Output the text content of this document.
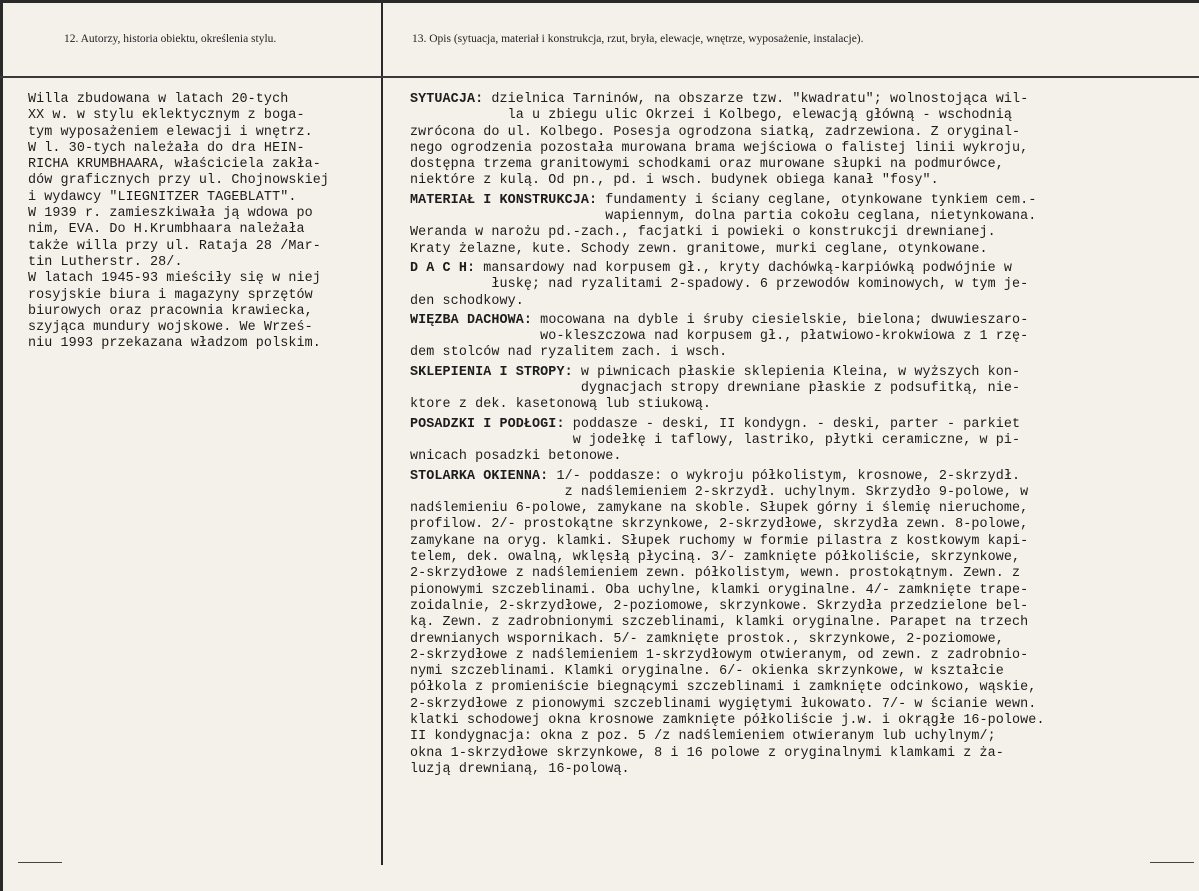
12. Autorzy, historia obiektu, określenia stylu.	13. Opis (sytuacja, materiał i konstrukcja, rzut, bryła, elewacje, wnętrze, wyposażenie, instalacje).
Willa zbudowana w latach 20-tych
XX w. w stylu eklektycznym z boga-
tym wyposażeniem elewacji i wnętrz.
W l. 30-tych należała do dra HEIN-
RICHA KRUMBHAARA, właściciela zakła-
dów graficznych przy ul. Chojnowskiej
i wydawcy "LIEGNITZER TAGEBLATT".
W 1939 r. zamieszkiwała ją wdowa po
nim, EVA. Do H.Krumbhaara należała
także willa przy ul. Rataja 28 /Mar-
tin Lutherstr. 28/.
W latach 1945-93 mieściły się w niej
rosyjskie biura i magazyny sprzętów
biurowych oraz pracownia krawiecka,
szyjąca mundury wojskowe. We Wrześ-
niu 1993 przekazana władzom polskim.
SYTUACJA: dzielnica Tarninów, na obszarze tzw. "kwadratu"; wolnostojąca wil-
la u zbiegu ulic Okrzei i Kolbego, elewacją główną - wschodnią
zwrócona do ul. Kolbego. Posesja ogrodzona siatką, zadrzewiona. Z oryginal-
nego ogrodzenia pozostała murowana brama wejściowa o falistej linii wykroju,
dostępna trzema granitowymi schodkami oraz murowane słupki na podmurówce,
niektóre z kulą. Od pn., pd. i wsch. budynek obiega kanał "fosy".
MATERIAŁ I KONSTRUKCJA: fundamenty i ściany ceglane, otynkowane tynkiem cem.-
wapiennym, dolna partia cokołu ceglana, nietynkowana.
Weranda w narożu pd.-zach., facjatki i powieki o konstrukcji drewnianej.
Kraty żelazne, kute. Schody zewn. granitowe, murki ceglane, otynkowane.
D A C H: mansardowy nad korpusem gł., kryty dachówką-karpiówką podwójnie w
łuskę; nad ryzalitami 2-spadowy. 6 przewodów kominowych, w tym je-
den schodkowy.
WIĘZBA DACHOWA: mocowana na dyble i śruby ciesielskie, bielona; dwuwieszaro-
wo-kleszczowa nad korpusem gł., płatwiowo-krokwiowa z 1 rzę-
dem stolców nad ryzalitem zach. i wsch.
SKLEPIENIA I STROPY: w piwnicach płaskie sklepienia Kleina, w wyższych kon-
dygnacjach stropy drewniane płaskie z podsufitką, nie-
ktore z dek. kasetonową lub stiukową.
POSADZKI I PODŁOGI: poddasze - deski, II kondygn. - deski, parter - parkiet
w jodełkę i taflowy, lastriko, płytki ceramiczne, w pi-
wnicach posadzki betonowe.
STOLARKA OKIENNA: 1/- poddasze: o wykroju półkolistym, krosnowe, 2-skrzydł.
z nadślemieniem 2-skrzydł. uchylnym. Skrzydło 9-polowe, w
nadślemieniu 6-polowe, zamykane na skoble. Słupek górny i ślemię nieruchome,
profilow. 2/- prostokątne skrzynkowe, 2-skrzydłowe, skrzydła zewn. 8-polowe,
zamykane na oryg. klamki. Słupek ruchomy w formie pilastra z kostkowym kapi-
telem, dek. owalną, wklęsłą płyciną. 3/- zamknięte półkoliście, skrzynkowe,
2-skrzydłowe z nadślemieniem zewn. półkolistym, wewn. prostokątnym. Zewn. z
pionowymi szczeblinami. Oba uchylne, klamki oryginalne. 4/- zamknięte trape-
zoidalnie, 2-skrzydłowe, 2-poziomowe, skrzynkowe. Skrzydła przedzielone bel-
ką. Zewn. z zadrobnionymi szczeblinami, klamki oryginalne. Parapet na trzech
drewnianych wspornikach. 5/- zamknięte prostok., skrzynkowe, 2-poziomowe,
2-skrzydłowe z nadślemieniem 1-skrzydłowym otwieranym, od zewn. z zadrobnio-
nymi szczeblinami. Klamki oryginalne. 6/- okienka skrzynkowe, w kształcie
półkola z promieniście biegnącymi szczeblinami i zamknięte odcinkowo, wąskie,
2-skrzydłowe z pionowymi szczeblinami wygiętymi łukowato. 7/- w ścianie wewn.
klatki schodowej okna krosnowe zamknięte półkoliście j.w. i okrągłe 16-polowe.
II kondygnacja: okna z poz. 5 /z nadślemieniem otwieranym lub uchylnym/;
okna 1-skrzydłowe skrzynkowe, 8 i 16 polowe z oryginalnymi klamkami z ża-
luzją drewnianą, 16-polową.
